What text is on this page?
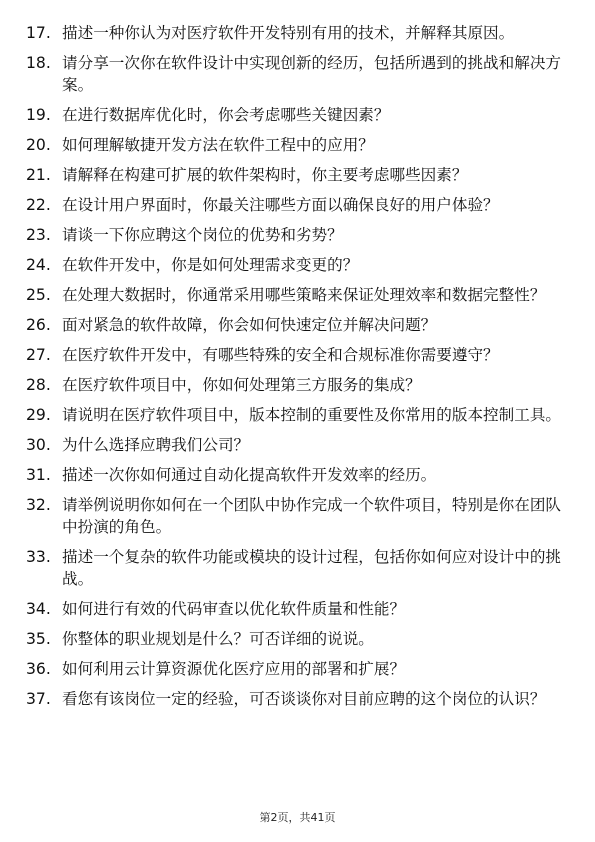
17. 描述一种你认为对医疗软件开发特别有用的技术，并解释其原因。
18. 请分享一次你在软件设计中实现创新的经历，包括所遇到的挑战和解决方案。
19. 在进行数据库优化时，你会考虑哪些关键因素？
20. 如何理解敏捷开发方法在软件工程中的应用？
21. 请解释在构建可扩展的软件架构时，你主要考虑哪些因素？
22. 在设计用户界面时，你最关注哪些方面以确保良好的用户体验？
23. 请谈一下你应聘这个岗位的优势和劣势？
24. 在软件开发中，你是如何处理需求变更的？
25. 在处理大数据时，你通常采用哪些策略来保证处理效率和数据完整性？
26. 面对紧急的软件故障，你会如何快速定位并解决问题？
27. 在医疗软件开发中，有哪些特殊的安全和合规标准你需要遵守？
28. 在医疗软件项目中，你如何处理第三方服务的集成？
29. 请说明在医疗软件项目中，版本控制的重要性及你常用的版本控制工具。
30. 为什么选择应聘我们公司？
31. 描述一次你如何通过自动化提高软件开发效率的经历。
32. 请举例说明你如何在一个团队中协作完成一个软件项目，特别是你在团队中扮演的角色。
33. 描述一个复杂的软件功能或模块的设计过程，包括你如何应对设计中的挑战。
34. 如何进行有效的代码审查以优化软件质量和性能？
35. 你整体的职业规划是什么？可否详细的说说。
36. 如何利用云计算资源优化医疗应用的部署和扩展？
37. 看您有该岗位一定的经验，可否谈谈你对目前应聘的这个岗位的认识？
第2页，共41页
